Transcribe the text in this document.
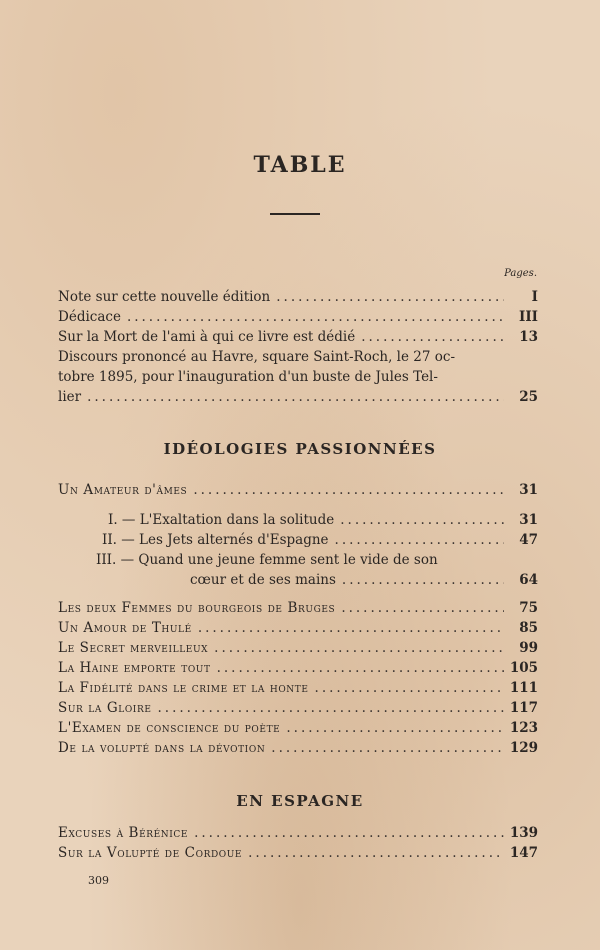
TABLE
Pages.
Note sur cette nouvelle édition .....	I
Dédicace .....	III
Sur la Mort de l'ami à qui ce livre est dédié .....	13
Discours prononcé au Havre, square Saint-Roch, le 27 oc-
tobre 1895, pour l'inauguration d'un buste de Jules Tel-
lier .....	25
IDÉOLOGIES PASSIONNÉES
Un Amateur d'âmes .....	31
I. — L'Exaltation dans la solitude .....	31
II. — Les Jets alternés d'Espagne .....	47
III. — Quand une jeune femme sent le vide de son
cœur et de ses mains .....	64
Les deux Femmes du bourgeois de Bruges .....	75
Un Amour de Thulé .....	85
Le Secret merveilleux .....	99
La Haine emporte tout .....	105
La Fidélité dans le crime et la honte .....	111
Sur la Gloire .....	117
L'Examen de conscience du poète .....	123
De la volupté dans la dévotion .....	129
EN ESPAGNE
Excuses à Bérénice .....	139
Sur la Volupté de Cordoue .....	147
309
